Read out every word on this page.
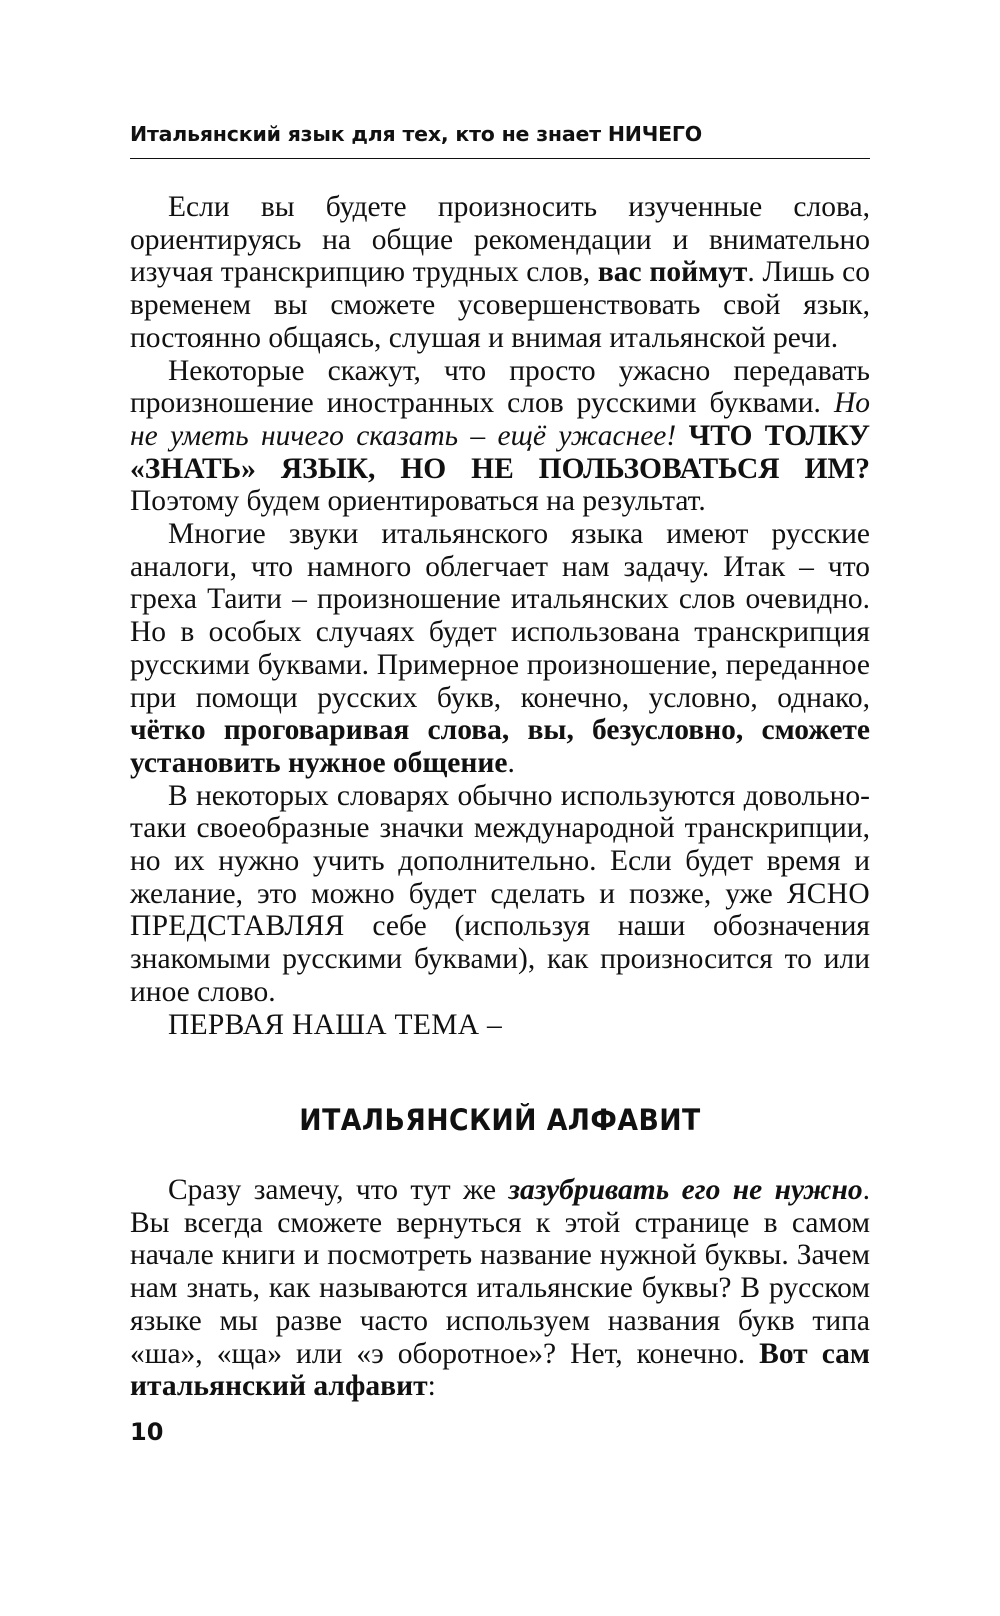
Итальянский язык для тех, кто не знает НИЧЕГО

Если вы будете произносить изученные слова, ориентируясь на общие рекомендации и внимательно изучая транскрипцию трудных слов, вас поймут. Лишь со временем вы сможете усовершенствовать свой язык, постоянно общаясь, слушая и внимая итальянской речи.

Некоторые скажут, что просто ужасно передавать произношение иностранных слов русскими буквами. Но не уметь ничего сказать – ещё ужаснее! ЧТО ТОЛКУ «ЗНАТЬ» ЯЗЫК, НО НЕ ПОЛЬЗОВАТЬСЯ ИМ? Поэтому будем ориентироваться на результат.

Многие звуки итальянского языка имеют русские аналоги, что намного облегчает нам задачу. Итак – что греха Таити – произношение итальянских слов очевидно. Но в особых случаях будет использована транскрипция русскими буквами. Примерное произношение, переданное при помощи русских букв, конечно, условно, однако, чётко проговаривая слова, вы, безусловно, сможете установить нужное общение.

В некоторых словарях обычно используются довольно-таки своеобразные значки международной транскрипции, но их нужно учить дополнительно. Если будет время и желание, это можно будет сделать и позже, уже ЯСНО ПРЕДСТАВЛЯЯ себе (используя наши обозначения знакомыми русскими буквами), как произносится то или иное слово.

ПЕРВАЯ НАША ТЕМА –

ИТАЛЬЯНСКИЙ АЛФАВИТ

Сразу замечу, что тут же зазубривать его не нужно. Вы всегда сможете вернуться к этой странице в самом начале книги и посмотреть название нужной буквы. Зачем нам знать, как называются итальянские буквы? В русском языке мы разве часто используем названия букв типа «ша», «ща» или «э оборотное»? Нет, конечно. Вот сам итальянский алфавит:

10
